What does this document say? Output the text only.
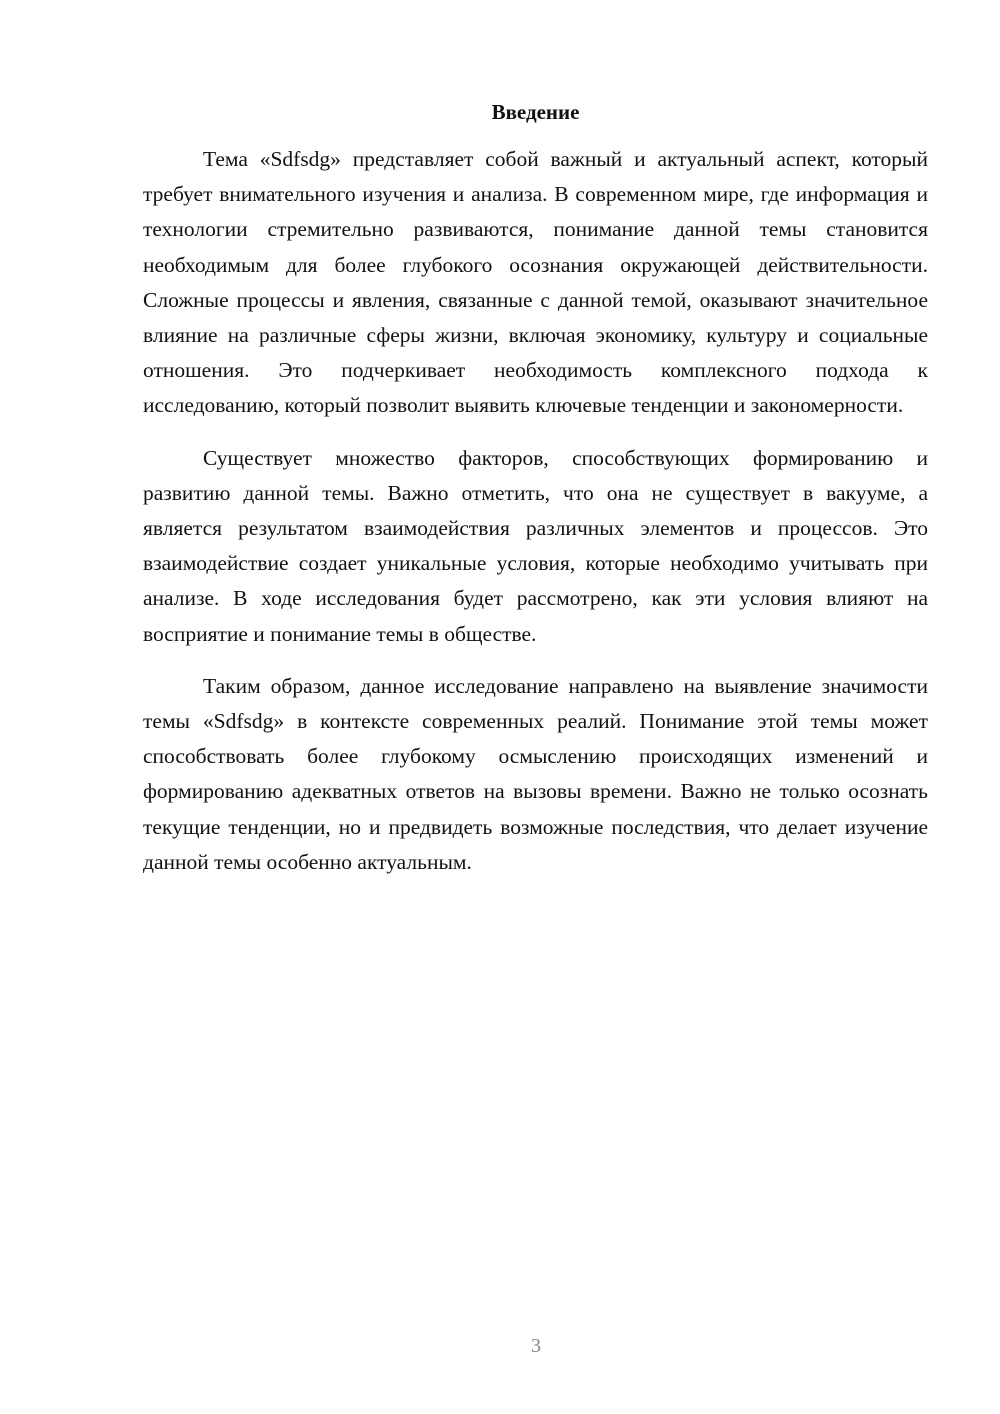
Введение

Тема «Sdfsdg» представляет собой важный и актуальный аспект, который требует внимательного изучения и анализа. В современном мире, где информация и технологии стремительно развиваются, понимание данной темы становится необходимым для более глубокого осознания окружающей действительности. Сложные процессы и явления, связанные с данной темой, оказывают значительное влияние на различные сферы жизни, включая экономику, культуру и социальные отношения. Это подчеркивает необходимость комплексного подхода к исследованию, который позволит выявить ключевые тенденции и закономерности.

Существует множество факторов, способствующих формированию и развитию данной темы. Важно отметить, что она не существует в вакууме, а является результатом взаимодействия различных элементов и процессов. Это взаимодействие создает уникальные условия, которые необходимо учитывать при анализе. В ходе исследования будет рассмотрено, как эти условия влияют на восприятие и понимание темы в обществе.

Таким образом, данное исследование направлено на выявление значимости темы «Sdfsdg» в контексте современных реалий. Понимание этой темы может способствовать более глубокому осмыслению происходящих изменений и формированию адекватных ответов на вызовы времени. Важно не только осознать текущие тенденции, но и предвидеть возможные последствия, что делает изучение данной темы особенно актуальным.

3
